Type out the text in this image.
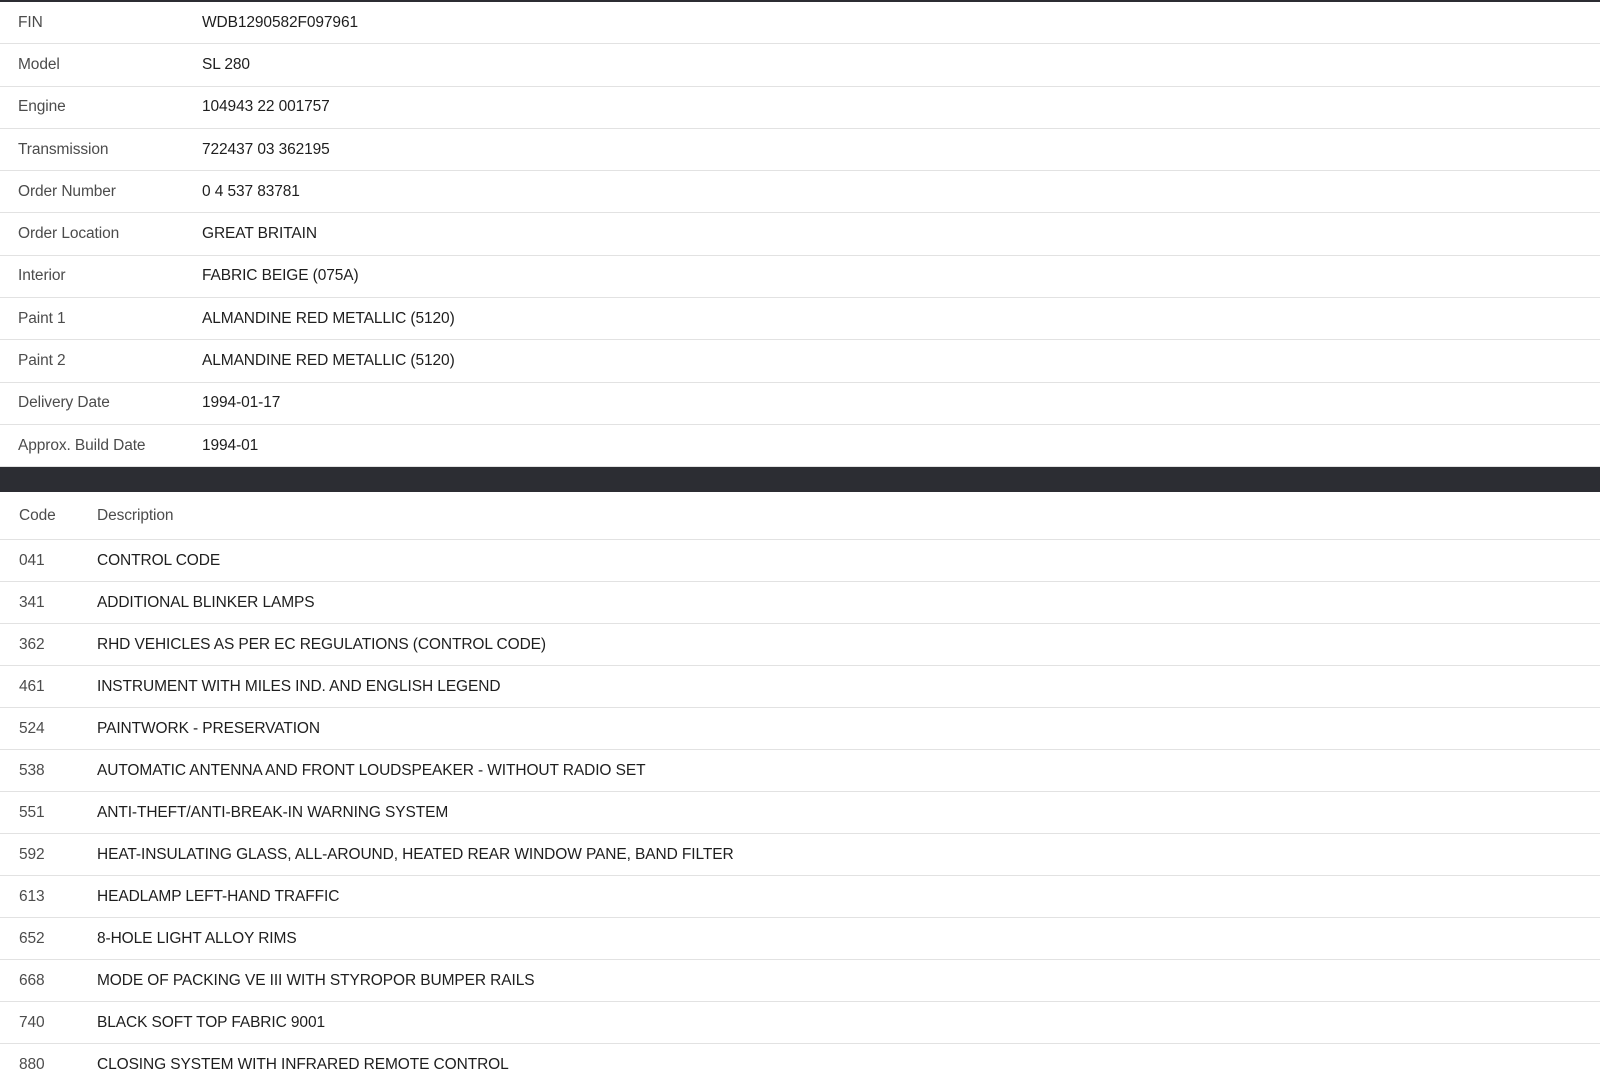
FIN	WDB1290582F097961
Model	SL 280
Engine	104943 22 001757
Transmission	722437 03 362195
Order Number	0 4 537 83781
Order Location	GREAT BRITAIN
Interior	FABRIC BEIGE (075A)
Paint 1	ALMANDINE RED METALLIC (5120)
Paint 2	ALMANDINE RED METALLIC (5120)
Delivery Date	1994-01-17
Approx. Build Date	1994-01
Code	Description
041	CONTROL CODE
341	ADDITIONAL BLINKER LAMPS
362	RHD VEHICLES AS PER EC REGULATIONS (CONTROL CODE)
461	INSTRUMENT WITH MILES IND. AND ENGLISH LEGEND
524	PAINTWORK - PRESERVATION
538	AUTOMATIC ANTENNA AND FRONT LOUDSPEAKER - WITHOUT RADIO SET
551	ANTI-THEFT/ANTI-BREAK-IN WARNING SYSTEM
592	HEAT-INSULATING GLASS, ALL-AROUND, HEATED REAR WINDOW PANE, BAND FILTER
613	HEADLAMP LEFT-HAND TRAFFIC
652	8-HOLE LIGHT ALLOY RIMS
668	MODE OF PACKING VE III WITH STYROPOR BUMPER RAILS
740	BLACK SOFT TOP FABRIC 9001
880	CLOSING SYSTEM WITH INFRARED REMOTE CONTROL
